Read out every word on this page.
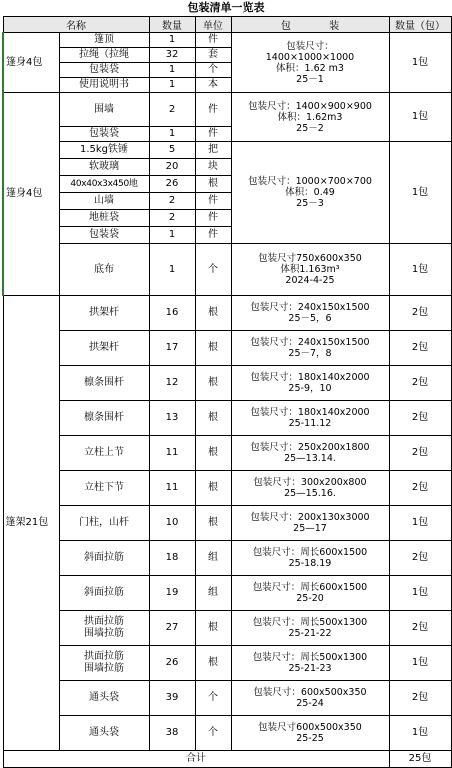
包装清单一览表
名称		数量	单位	包            装	数量（包）
篷身4包	篷顶	1	件	包装尺寸：
1400×1000×1000
体积：1.62 m3
25－1	1包
	拉绳（拉绳	32	套		
	包装袋	1	个		
	使用说明书	1	本		
篷身4包	围墙	2	件	包装尺寸：1400×900×900
体积：1.62m3
25－2	1包
	包装袋	1	件		
	1.5kg铁锤	5	把	包装尺寸：1000×700×700
体积：0.49
25－3	1包
	软玻璃	20	块		
	40x40x3x450地	26	根		
	山墙	2	件		
	地桩袋	2	件		
	包装袋	1	件		
	底布	1	个	包装尺寸750x600x350
体积1.163m³
2024-4-25	1包
篷架21包	拱架杆	16	根	包装尺寸：240x150x1500
25－5，6	2包
	拱架杆	17	根	包装尺寸：240x150x1500
25－7，8	2包
	檩条围杆	12	根	包装尺寸：180x140x2000
25-9，10	2包
	檩条围杆	13	根	包装尺寸：180x140x2000
25-11.12	2包
	立柱上节	11	根	包装尺寸：250x200x1800
25—13.14.	2包
	立柱下节	11	根	包装尺寸：300x200x800
25—15.16.	2包
	门柱，山杆	10	根	包装尺寸：200x130x3000
25—17	1包
	斜面拉筋	18	组	包装尺寸：周长600x1500
25-18.19	2包
	斜面拉筋	19	组	包装尺寸：周长600x1500
25-20	1包
	拱面拉筋
围墙拉筋	27	根	包装尺寸：周长500x1300
25-21-22	2包
	拱面拉筋
围墙拉筋	26	根	包装尺寸：周长500x1300
25-21-23	1包
	通头袋	39	个	包装尺寸：600x500x350
25-24	2包
	通头袋	38	个	包装尺寸600x500x350
25-25	1包
合计					25包
